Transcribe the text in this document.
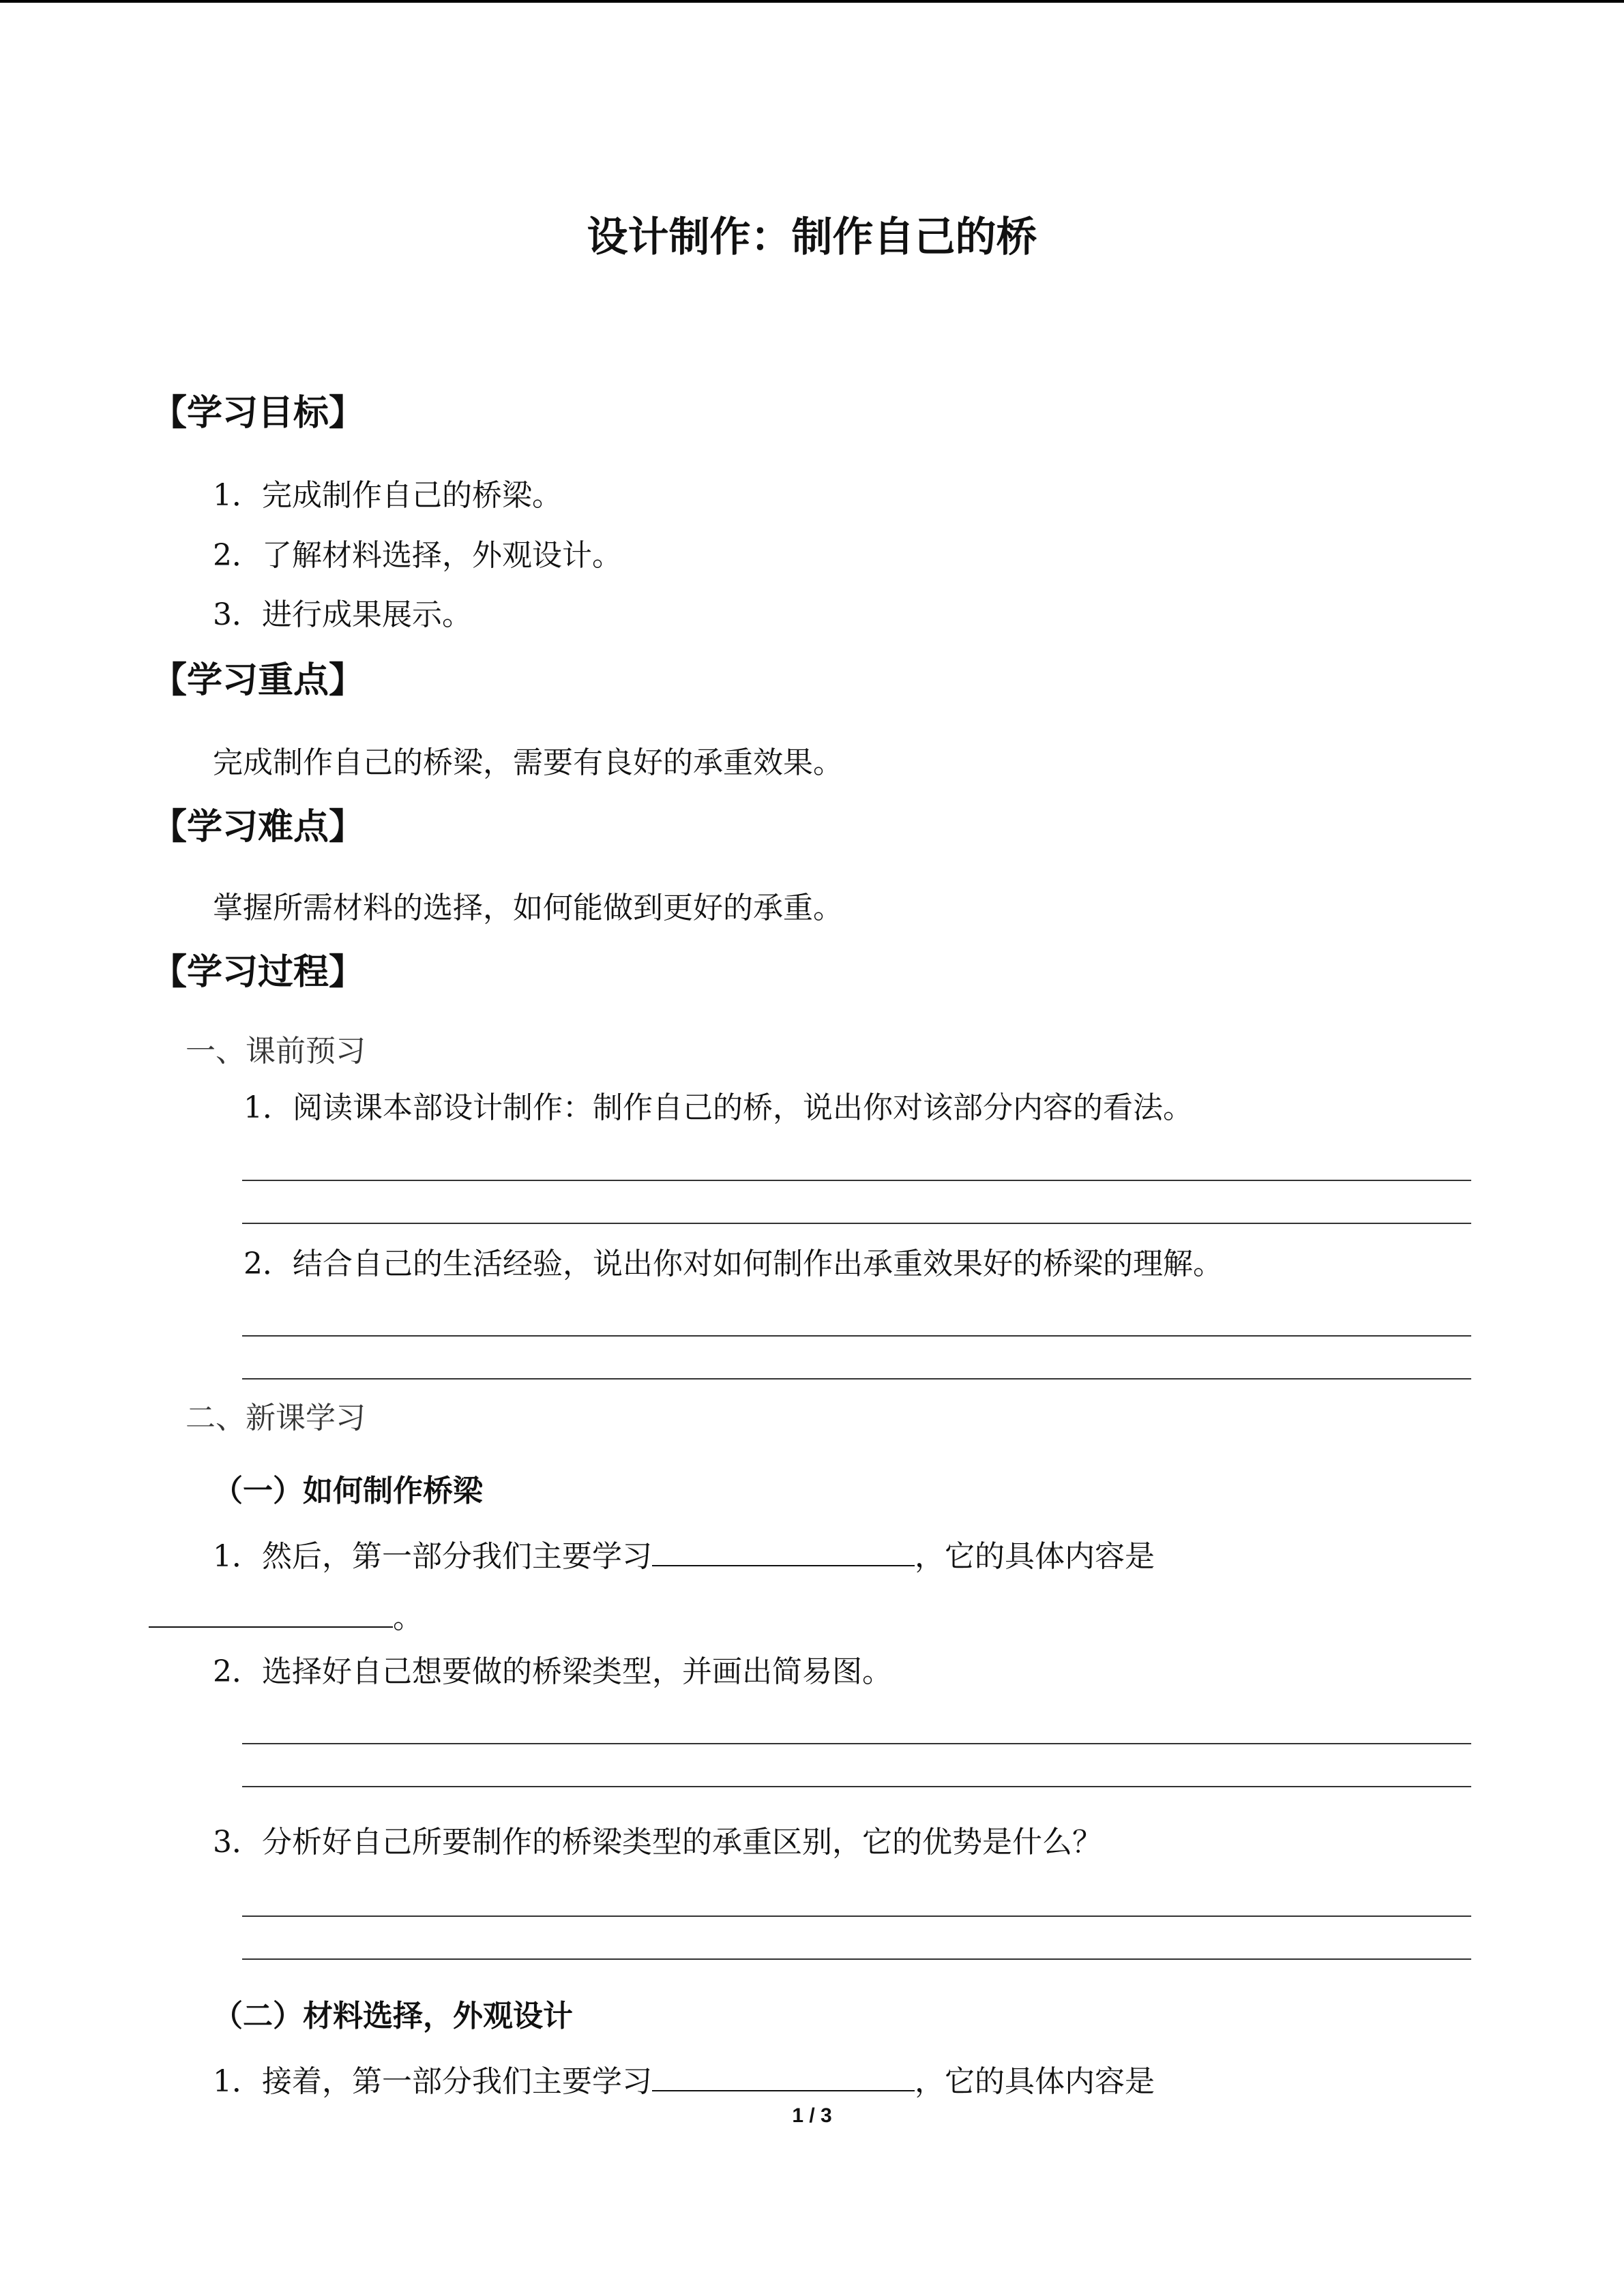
设计制作：制作自己的桥
【学习目标】
1．完成制作自己的桥梁。
2．了解材料选择，外观设计。
3．进行成果展示。
【学习重点】
完成制作自己的桥梁，需要有良好的承重效果。
【学习难点】
掌握所需材料的选择，如何能做到更好的承重。
【学习过程】
一、课前预习
1．阅读课本部设计制作：制作自己的桥，说出你对该部分内容的看法。
2．结合自己的生活经验，说出你对如何制作出承重效果好的桥梁的理解。
二、新课学习
（一）如何制作桥梁
1．然后，第一部分我们主要学习	，它的具体内容是
。
2．选择好自己想要做的桥梁类型，并画出简易图。
3．分析好自己所要制作的桥梁类型的承重区别，它的优势是什么？
（二）材料选择，外观设计
1．接着，第一部分我们主要学习	，它的具体内容是
1 / 3
